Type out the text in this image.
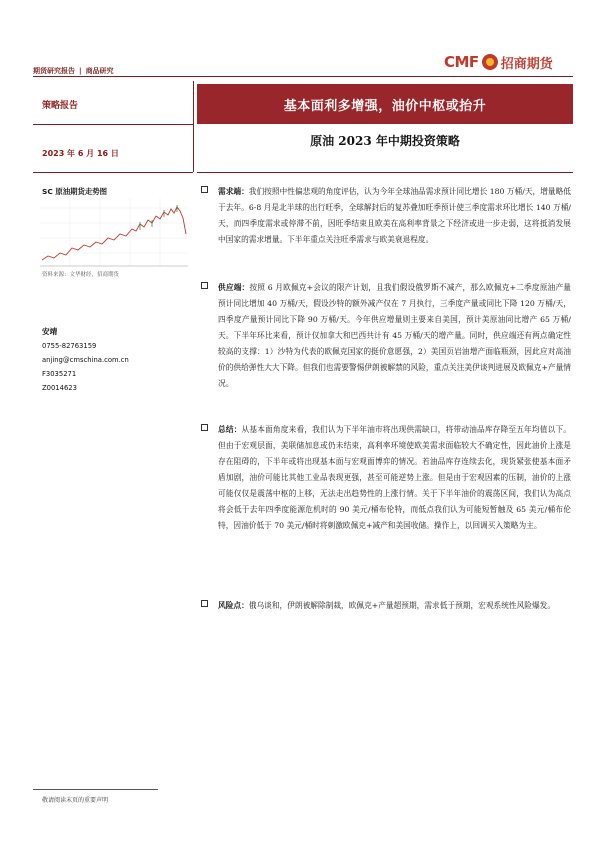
期货研究报告 | 商品研究	CMF 招商期货
策略报告
2023 年 6 月 16 日
基本面利多增强，油价中枢或抬升
原油 2023 年中期投资策略
SC 原油期货走势图
资料来源：文华财经，招商期货
安靖
0755-82763159
anjing@cmschina.com.cn
F3035271
Z0014623

需求端：我们按照中性偏悲观的角度评估，认为今年全球油品需求预计同比增长 180 万桶/天，增量略低于去年。6-8 月是北半球的出行旺季，全球解封后的复苏叠加旺季预计使三季度需求环比增长 140 万桶/天，而四季度需求或停滞不前，因旺季结束且欧美在高利率背景之下经济或进一步走弱，这将抵消发展中国家的需求增量。下半年重点关注旺季需求与欧美衰退程度。

供应端：按照 6 月欧佩克+会议的限产计划，且我们假设俄罗斯不减产，那么欧佩克+二季度原油产量预计同比增加 40 万桶/天，假设沙特的额外减产仅在 7 月执行，三季度产量或同比下降 120 万桶/天，四季度产量预计同比下降 90 万桶/天。今年供应增量则主要来自美国，预计美原油同比增产 65 万桶/天。下半年环比来看，预计仅加拿大和巴西共计有 45 万桶/天的增产量。同时，供应端还有两点确定性较高的支撑：1）沙特为代表的欧佩克国家的挺价意愿强，2）美国页岩油增产面临瓶颈，因此应对高油价的供给弹性大大下降。但我们也需要警惕伊朗被解禁的风险，重点关注美伊谈判进展及欧佩克+产量情况。

总结：从基本面角度来看，我们认为下半年油市将出现供需缺口，将带动油品库存降至五年均值以下。但由于宏观层面，美联储加息或仍未结束，高利率环境使欧美需求面临较大不确定性，因此油价上涨是存在阻碍的，下半年或将出现基本面与宏观面博弈的情况。若油品库存连续去化，现货紧张使基本面矛盾加剧，油价可能比其他工业品表现更强，甚至可能逆势上涨。但是由于宏观因素的压制，油价的上涨可能仅仅是震荡中枢的上移，无法走出趋势性的上涨行情。关于下半年油价的震荡区间，我们认为高点将会低于去年四季度能源危机时的 90 美元/桶布伦特，而低点我们认为可能短暂触及 65 美元/桶布伦特，因油价低于 70 美元/桶时将刺激欧佩克+减产和美国收储。操作上，以回调买入策略为主。

风险点：俄乌谈和，伊朗被解除制裁，欧佩克+产量超预期，需求低于预期，宏观系统性风险爆发。

敬请阅读末页的重要声明
